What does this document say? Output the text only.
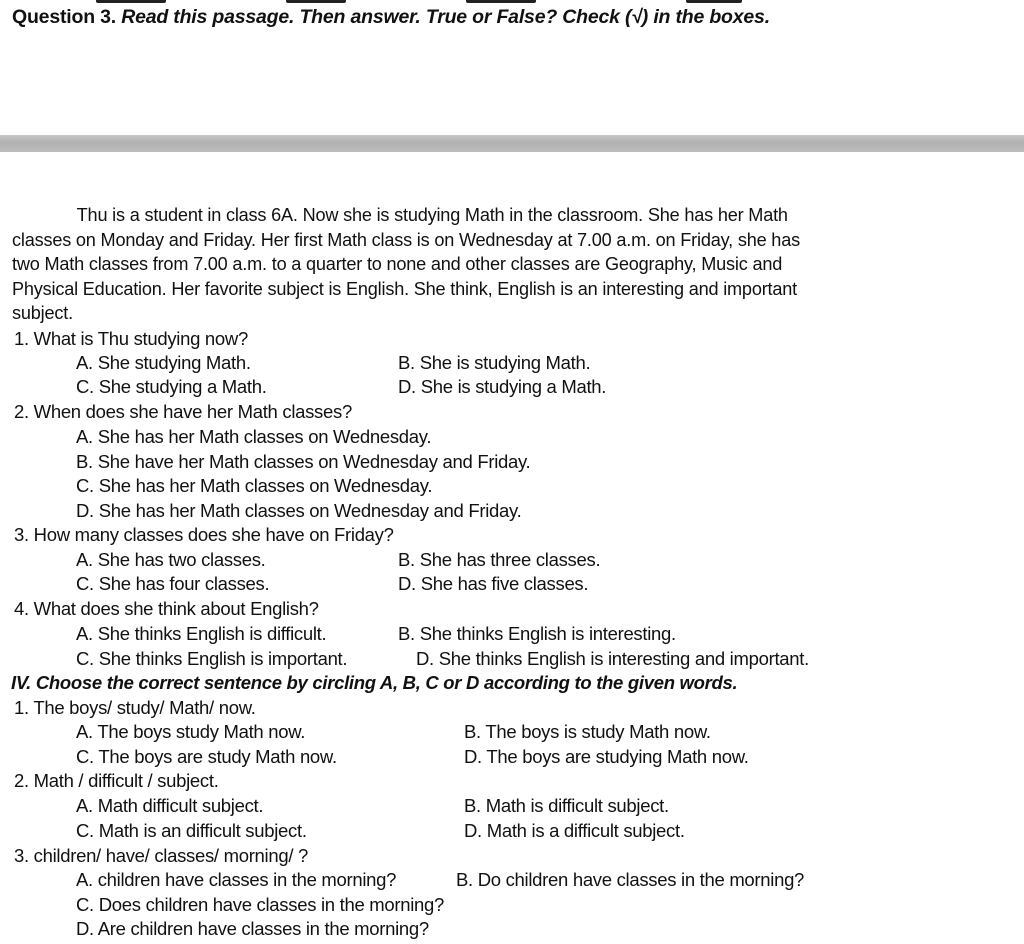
Question 3. Read this passage. Then answer. True or False? Check (√) in the boxes.
Thu is a student in class 6A. Now she is studying Math in the classroom. She has her Math
classes on Monday and Friday. Her first Math class is on Wednesday at 7.00 a.m. on Friday, she has
two Math classes from 7.00 a.m. to a quarter to none and other classes are Geography, Music and
Physical Education. Her favorite subject is English. She think, English is an interesting and important
subject.
1. What is Thu studying now?
A. She studying Math.	B. She is studying Math.
C. She studying a Math.	D. She is studying a Math.
2. When does she have her Math classes?
A. She has her Math classes on Wednesday.
B. She have her Math classes on Wednesday and Friday.
C. She has her Math classes on Wednesday.
D. She has her Math classes on Wednesday and Friday.
3. How many classes does she have on Friday?
A. She has two classes.	B. She has three classes.
C. She has four classes.	D. She has five classes.
4. What does she think about English?
A. She thinks English is difficult.	B. She thinks English is interesting.
C. She thinks English is important.	D. She thinks English is interesting and important.
IV. Choose the correct sentence by circling A, B, C or D according to the given words.
1. The boys/ study/ Math/ now.
A. The boys study Math now.	B. The boys is study Math now.
C. The boys are study Math now.	D. The boys are studying Math now.
2. Math / difficult / subject.
A. Math difficult subject.	B. Math is difficult subject.
C. Math is an difficult subject.	D. Math is a difficult subject.
3. children/ have/ classes/ morning/ ?
A. children have classes in the morning?	B. Do children have classes in the morning?
C. Does children have classes in the morning?
D. Are children have classes in the morning?
